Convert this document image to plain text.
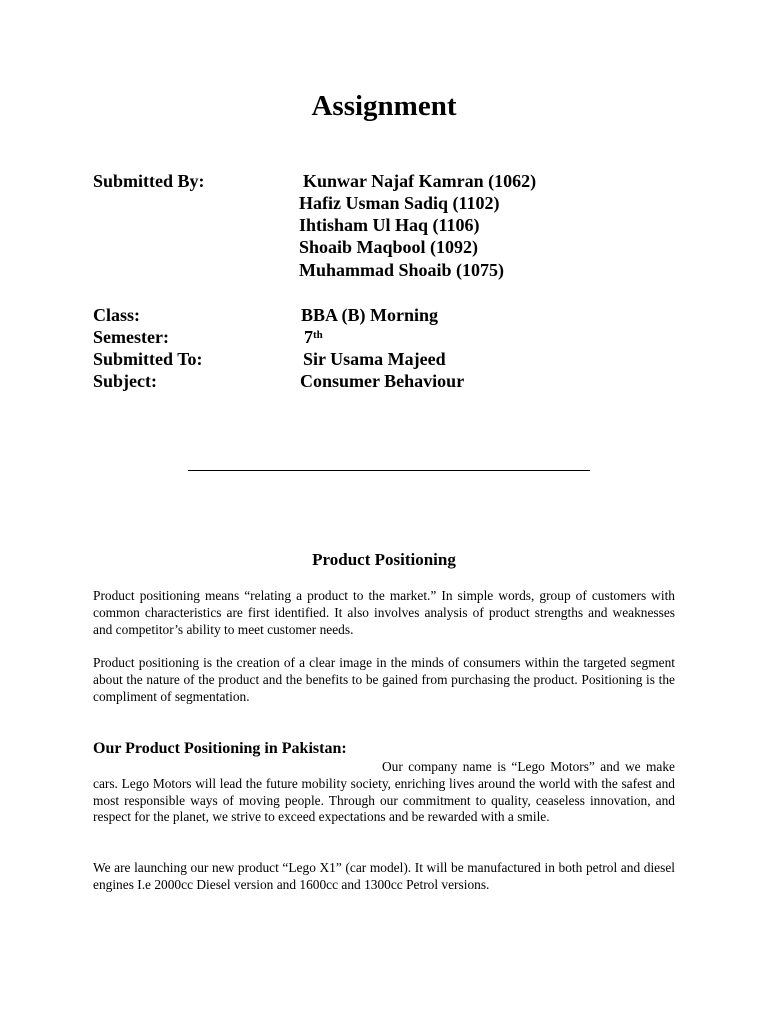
Assignment
Submitted By:	Kunwar Najaf Kamran (1062)
Hafiz Usman Sadiq (1102)
Ihtisham Ul Haq (1106)
Shoaib Maqbool (1092)
Muhammad Shoaib (1075)
Class:	BBA (B) Morning
Semester:	7th
Submitted To:	Sir Usama Majeed
Subject:	Consumer Behaviour
Product Positioning

Product positioning means “relating a product to the market.” In simple words, group of customers with common characteristics are first identified. It also involves analysis of product strengths and weaknesses and competitor’s ability to meet customer needs.

Product positioning is the creation of a clear image in the minds of consumers within the targeted segment about the nature of the product and the benefits to be gained from purchasing the product. Positioning is the compliment of segmentation.

Our Product Positioning in Pakistan:

Our company name is “Lego Motors” and we make cars. Lego Motors will lead the future mobility society, enriching lives around the world with the safest and most responsible ways of moving people. Through our commitment to quality, ceaseless innovation, and respect for the planet, we strive to exceed expectations and be rewarded with a smile.

We are launching our new product “Lego X1” (car model). It will be manufactured in both petrol and diesel engines I.e 2000cc Diesel version and 1600cc and 1300cc Petrol versions.
